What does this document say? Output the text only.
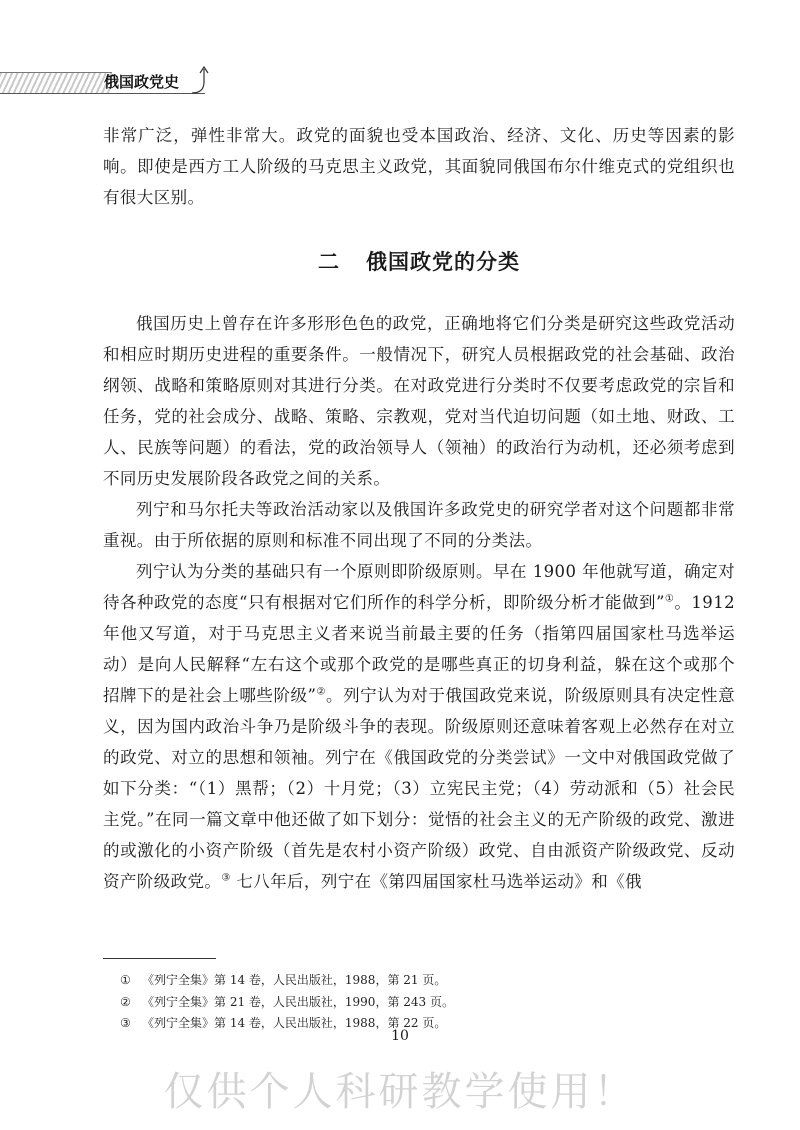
俄国政党史

非常广泛，弹性非常大。政党的面貌也受本国政治、经济、文化、历史等因素的影响。即使是西方工人阶级的马克思主义政党，其面貌同俄国布尔什维克式的党组织也有很大区别。

二 俄国政党的分类

俄国历史上曾存在许多形形色色的政党，正确地将它们分类是研究这些政党活动和相应时期历史进程的重要条件。一般情况下，研究人员根据政党的社会基础、政治纲领、战略和策略原则对其进行分类。在对政党进行分类时不仅要考虑政党的宗旨和任务，党的社会成分、战略、策略、宗教观，党对当代迫切问题（如土地、财政、工人、民族等问题）的看法，党的政治领导人（领袖）的政治行为动机，还必须考虑到不同历史发展阶段各政党之间的关系。

列宁和马尔托夫等政治活动家以及俄国许多政党史的研究学者对这个问题都非常重视。由于所依据的原则和标准不同出现了不同的分类法。

列宁认为分类的基础只有一个原则即阶级原则。早在 1900 年他就写道，确定对待各种政党的态度“只有根据对它们所作的科学分析，即阶级分析才能做到”①。1912 年他又写道，对于马克思主义者来说当前最主要的任务（指第四届国家杜马选举运动）是向人民解释“左右这个或那个政党的是哪些真正的切身利益，躲在这个或那个招牌下的是社会上哪些阶级”②。列宁认为对于俄国政党来说，阶级原则具有决定性意义，因为国内政治斗争乃是阶级斗争的表现。阶级原则还意味着客观上必然存在对立的政党、对立的思想和领袖。列宁在《俄国政党的分类尝试》一文中对俄国政党做了如下分类：“（1）黑帮；（2）十月党；（3）立宪民主党；（4）劳动派和（5）社会民主党。”在同一篇文章中他还做了如下划分：觉悟的社会主义的无产阶级的政党、激进的或激化的小资产阶级（首先是农村小资产阶级）政党、自由派资产阶级政党、反动资产阶级政党。③ 七八年后，列宁在《第四届国家杜马选举运动》和《俄

① 《列宁全集》第 14 卷，人民出版社，1988，第 21 页。
② 《列宁全集》第 21 卷，人民出版社，1990，第 243 页。
③ 《列宁全集》第 14 卷，人民出版社，1988，第 22 页。
10
仅供个人科研教学使用！
